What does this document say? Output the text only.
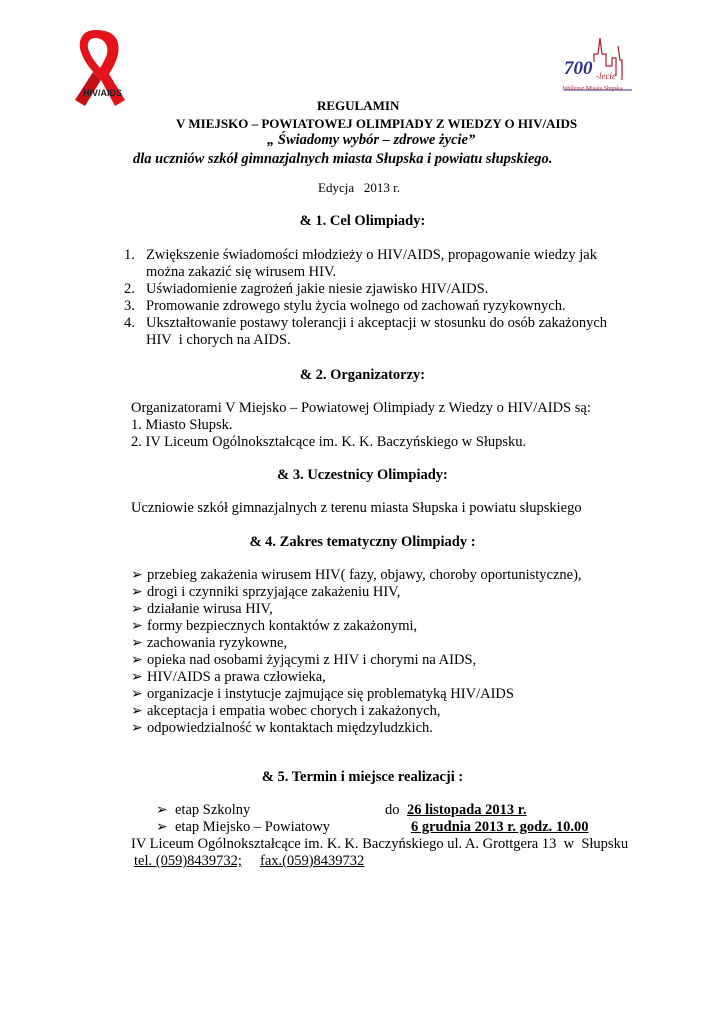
HIV/AIDS
700 -lecie
Jubileusz Miasta Słupska
REGULAMIN
V MIEJSKO – POWIATOWEJ OLIMPIADY Z WIEDZY O HIV/AIDS
„ Świadomy wybór – zdrowe życie”
dla uczniów szkół gimnazjalnych miasta Słupska i powiatu słupskiego.
Edycja   2013 r.
& 1. Cel Olimpiady:
1. Zwiększenie świadomości młodzieży o HIV/AIDS, propagowanie wiedzy jak
można zakazić się wirusem HIV.
2. Uświadomienie zagrożeń jakie niesie zjawisko HIV/AIDS.
3. Promowanie zdrowego stylu życia wolnego od zachowań ryzykownych.
4. Ukształtowanie postawy tolerancji i akceptacji w stosunku do osób zakażonych
HIV  i chorych na AIDS.
& 2. Organizatorzy:
Organizatorami V Miejsko – Powiatowej Olimpiady z Wiedzy o HIV/AIDS są:
1. Miasto Słupsk.
2. IV Liceum Ogólnokształcące im. K. K. Baczyńskiego w Słupsku.
& 3. Uczestnicy Olimpiady:
Uczniowie szkół gimnazjalnych z terenu miasta Słupska i powiatu słupskiego
& 4. Zakres tematyczny Olimpiady :
➢ przebieg zakażenia wirusem HIV( fazy, objawy, choroby oportunistyczne),
➢ drogi i czynniki sprzyjające zakażeniu HIV,
➢ działanie wirusa HIV,
➢ formy bezpiecznych kontaktów z zakażonymi,
➢ zachowania ryzykowne,
➢ opieka nad osobami żyjącymi z HIV i chorymi na AIDS,
➢ HIV/AIDS a prawa człowieka,
➢ organizacje i instytucje zajmujące się problematyką HIV/AIDS
➢ akceptacja i empatia wobec chorych i zakażonych,
➢ odpowiedzialność w kontaktach międzyludzkich.
& 5. Termin i miejsce realizacji :
➢ etap Szkolny	do 26 listopada 2013 r.
➢ etap Miejsko – Powiatowy	6 grudnia 2013 r. godz. 10.00
IV Liceum Ogólnokształcące im. K. K. Baczyńskiego ul. A. Grottgera 13  w  Słupsku
tel. (059)8439732; fax.(059)8439732
